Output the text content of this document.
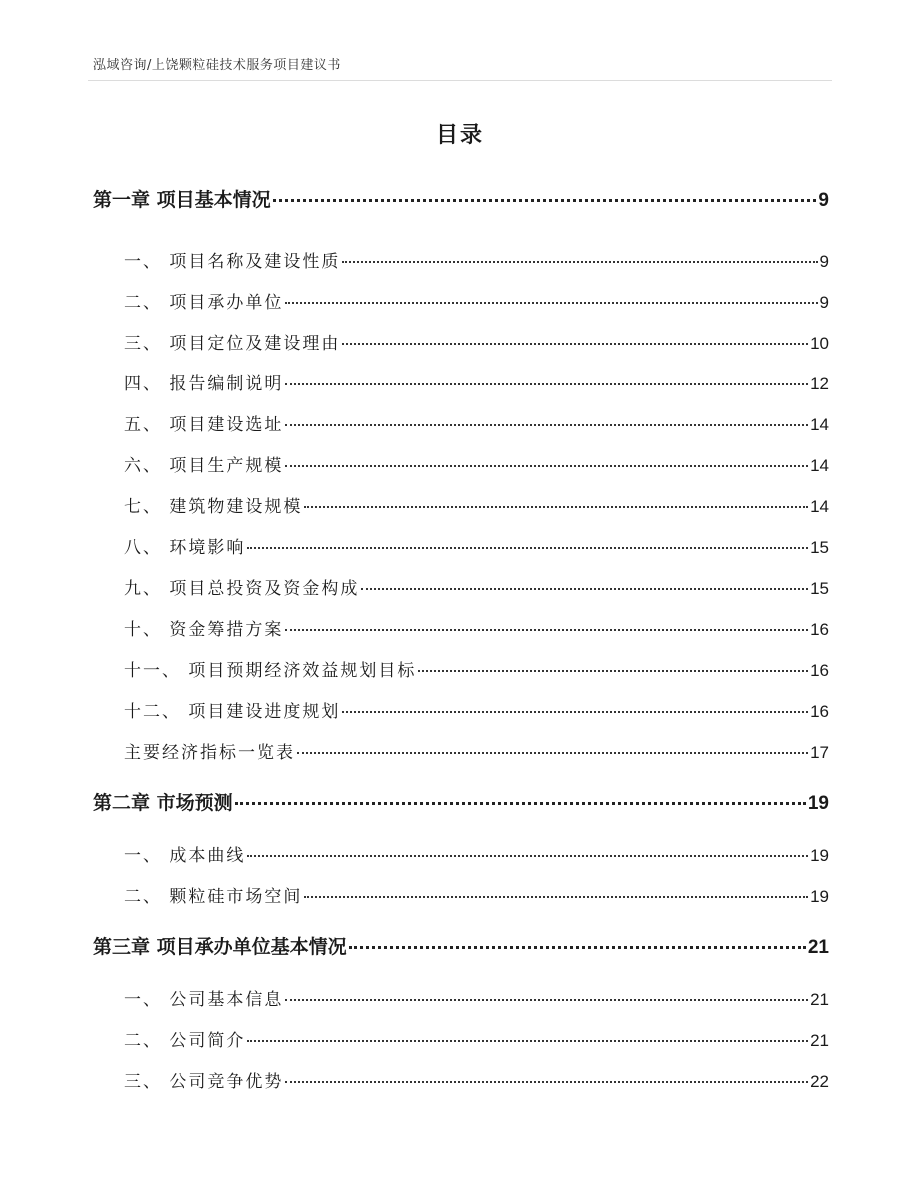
泓域咨询/上饶颗粒硅技术服务项目建议书
目录
第一章 项目基本情况	9
一、 项目名称及建设性质	9
二、 项目承办单位	9
三、 项目定位及建设理由	10
四、 报告编制说明	12
五、 项目建设选址	14
六、 项目生产规模	14
七、 建筑物建设规模	14
八、 环境影响	15
九、 项目总投资及资金构成	15
十、 资金筹措方案	16
十一、 项目预期经济效益规划目标	16
十二、 项目建设进度规划	16
主要经济指标一览表	17
第二章 市场预测	19
一、 成本曲线	19
二、 颗粒硅市场空间	19
第三章 项目承办单位基本情况	21
一、 公司基本信息	21
二、 公司简介	21
三、 公司竞争优势	22
